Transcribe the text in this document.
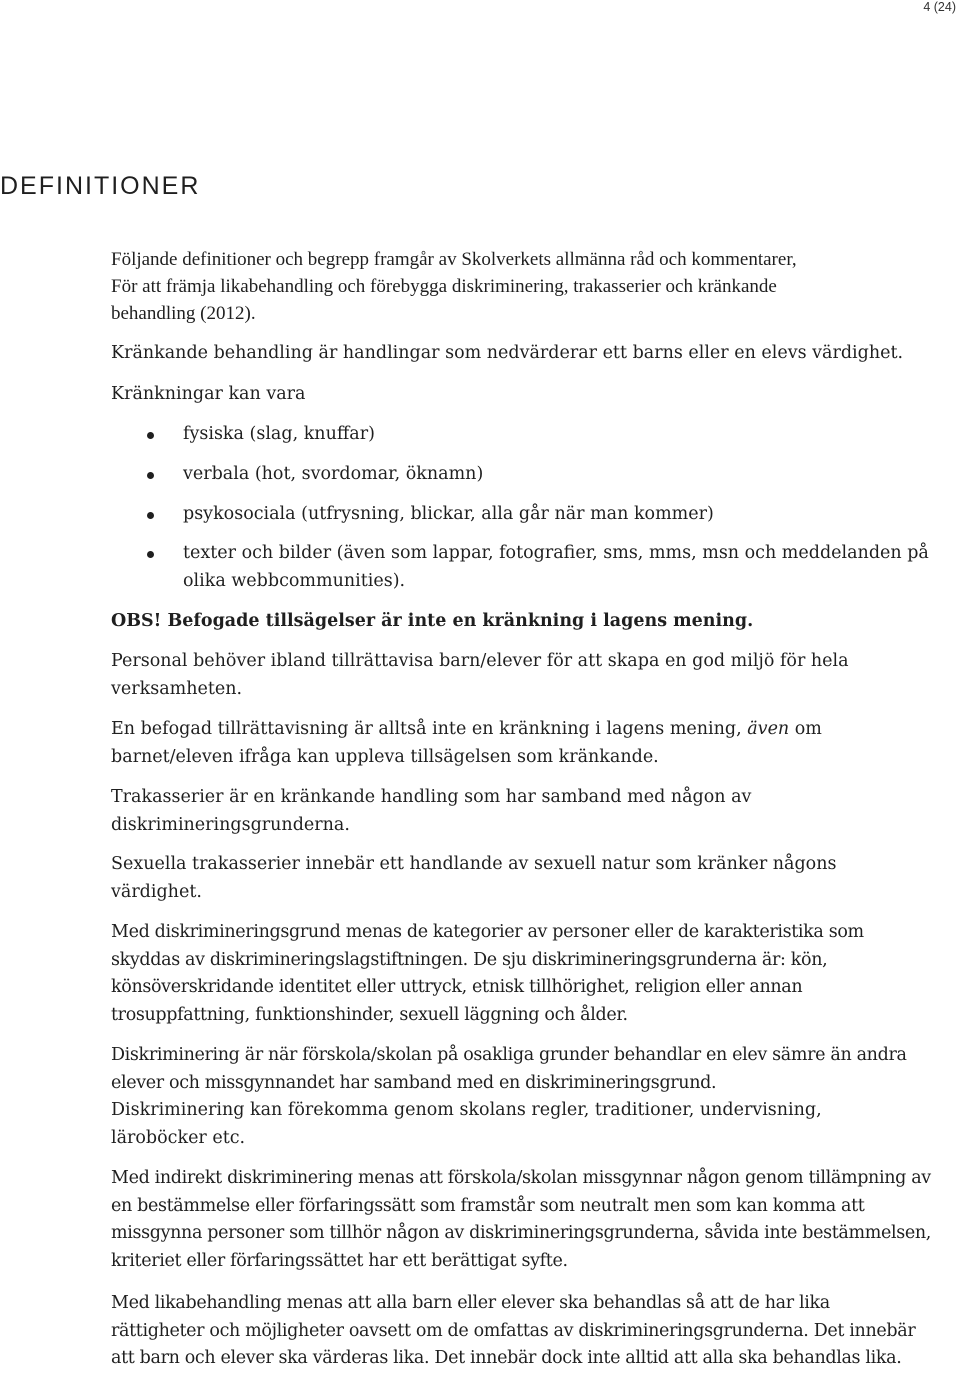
4 (24)
DEFINITIONER

Följande definitioner och begrepp framgår av Skolverkets allmänna råd och kommentarer,

För att främja likabehandling och förebygga diskriminering, trakasserier och kränkande

behandling (2012).

Kränkande behandling är handlingar som nedvärderar ett barns eller en elevs värdighet.

Kränkningar kan vara

fysiska (slag, knuffar)
verbala (hot, svordomar, öknamn)
psykosociala (utfrysning, blickar, alla går när man kommer)
texter och bilder (även som lappar, fotografier, sms, mms, msn och meddelanden på olika webbcommunities).

OBS! Befogade tillsägelser är inte en kränkning i lagens mening.

Personal behöver ibland tillrättavisa barn/elever för att skapa en god miljö för hela verksamheten.

En befogad tillrättavisning är alltså inte en kränkning i lagens mening, även om barnet/eleven ifråga kan uppleva tillsägelsen som kränkande.

Trakasserier är en kränkande handling som har samband med någon av diskrimineringsgrunderna.

Sexuella trakasserier innebär ett handlande av sexuell natur som kränker någons värdighet.

Med diskrimineringsgrund menas de kategorier av personer eller de karakteristika som skyddas av diskrimineringslagstiftningen. De sju diskrimineringsgrunderna är: kön, könsöverskridande identitet eller uttryck, etnisk tillhörighet, religion eller annan trosuppfattning, funktionshinder, sexuell läggning och ålder.

Diskriminering är när förskola/skolan på osakliga grunder behandlar en elev sämre än andra elever och missgynnandet har samband med en diskrimineringsgrund.

Diskriminering kan förekomma genom skolans regler, traditioner, undervisning, läroböcker etc.

Med indirekt diskriminering menas att förskola/skolan missgynnar någon genom tillämpning av en bestämmelse eller förfaringssätt som framstår som neutralt men som kan komma att missgynna personer som tillhör någon av diskrimineringsgrunderna, såvida inte bestämmelsen, kriteriet eller förfaringssättet har ett berättigat syfte.

Med likabehandling menas att alla barn eller elever ska behandlas så att de har lika rättigheter och möjligheter oavsett om de omfattas av diskrimineringsgrunderna. Det innebär att barn och elever ska värderas lika. Det innebär dock inte alltid att alla ska behandlas lika.
